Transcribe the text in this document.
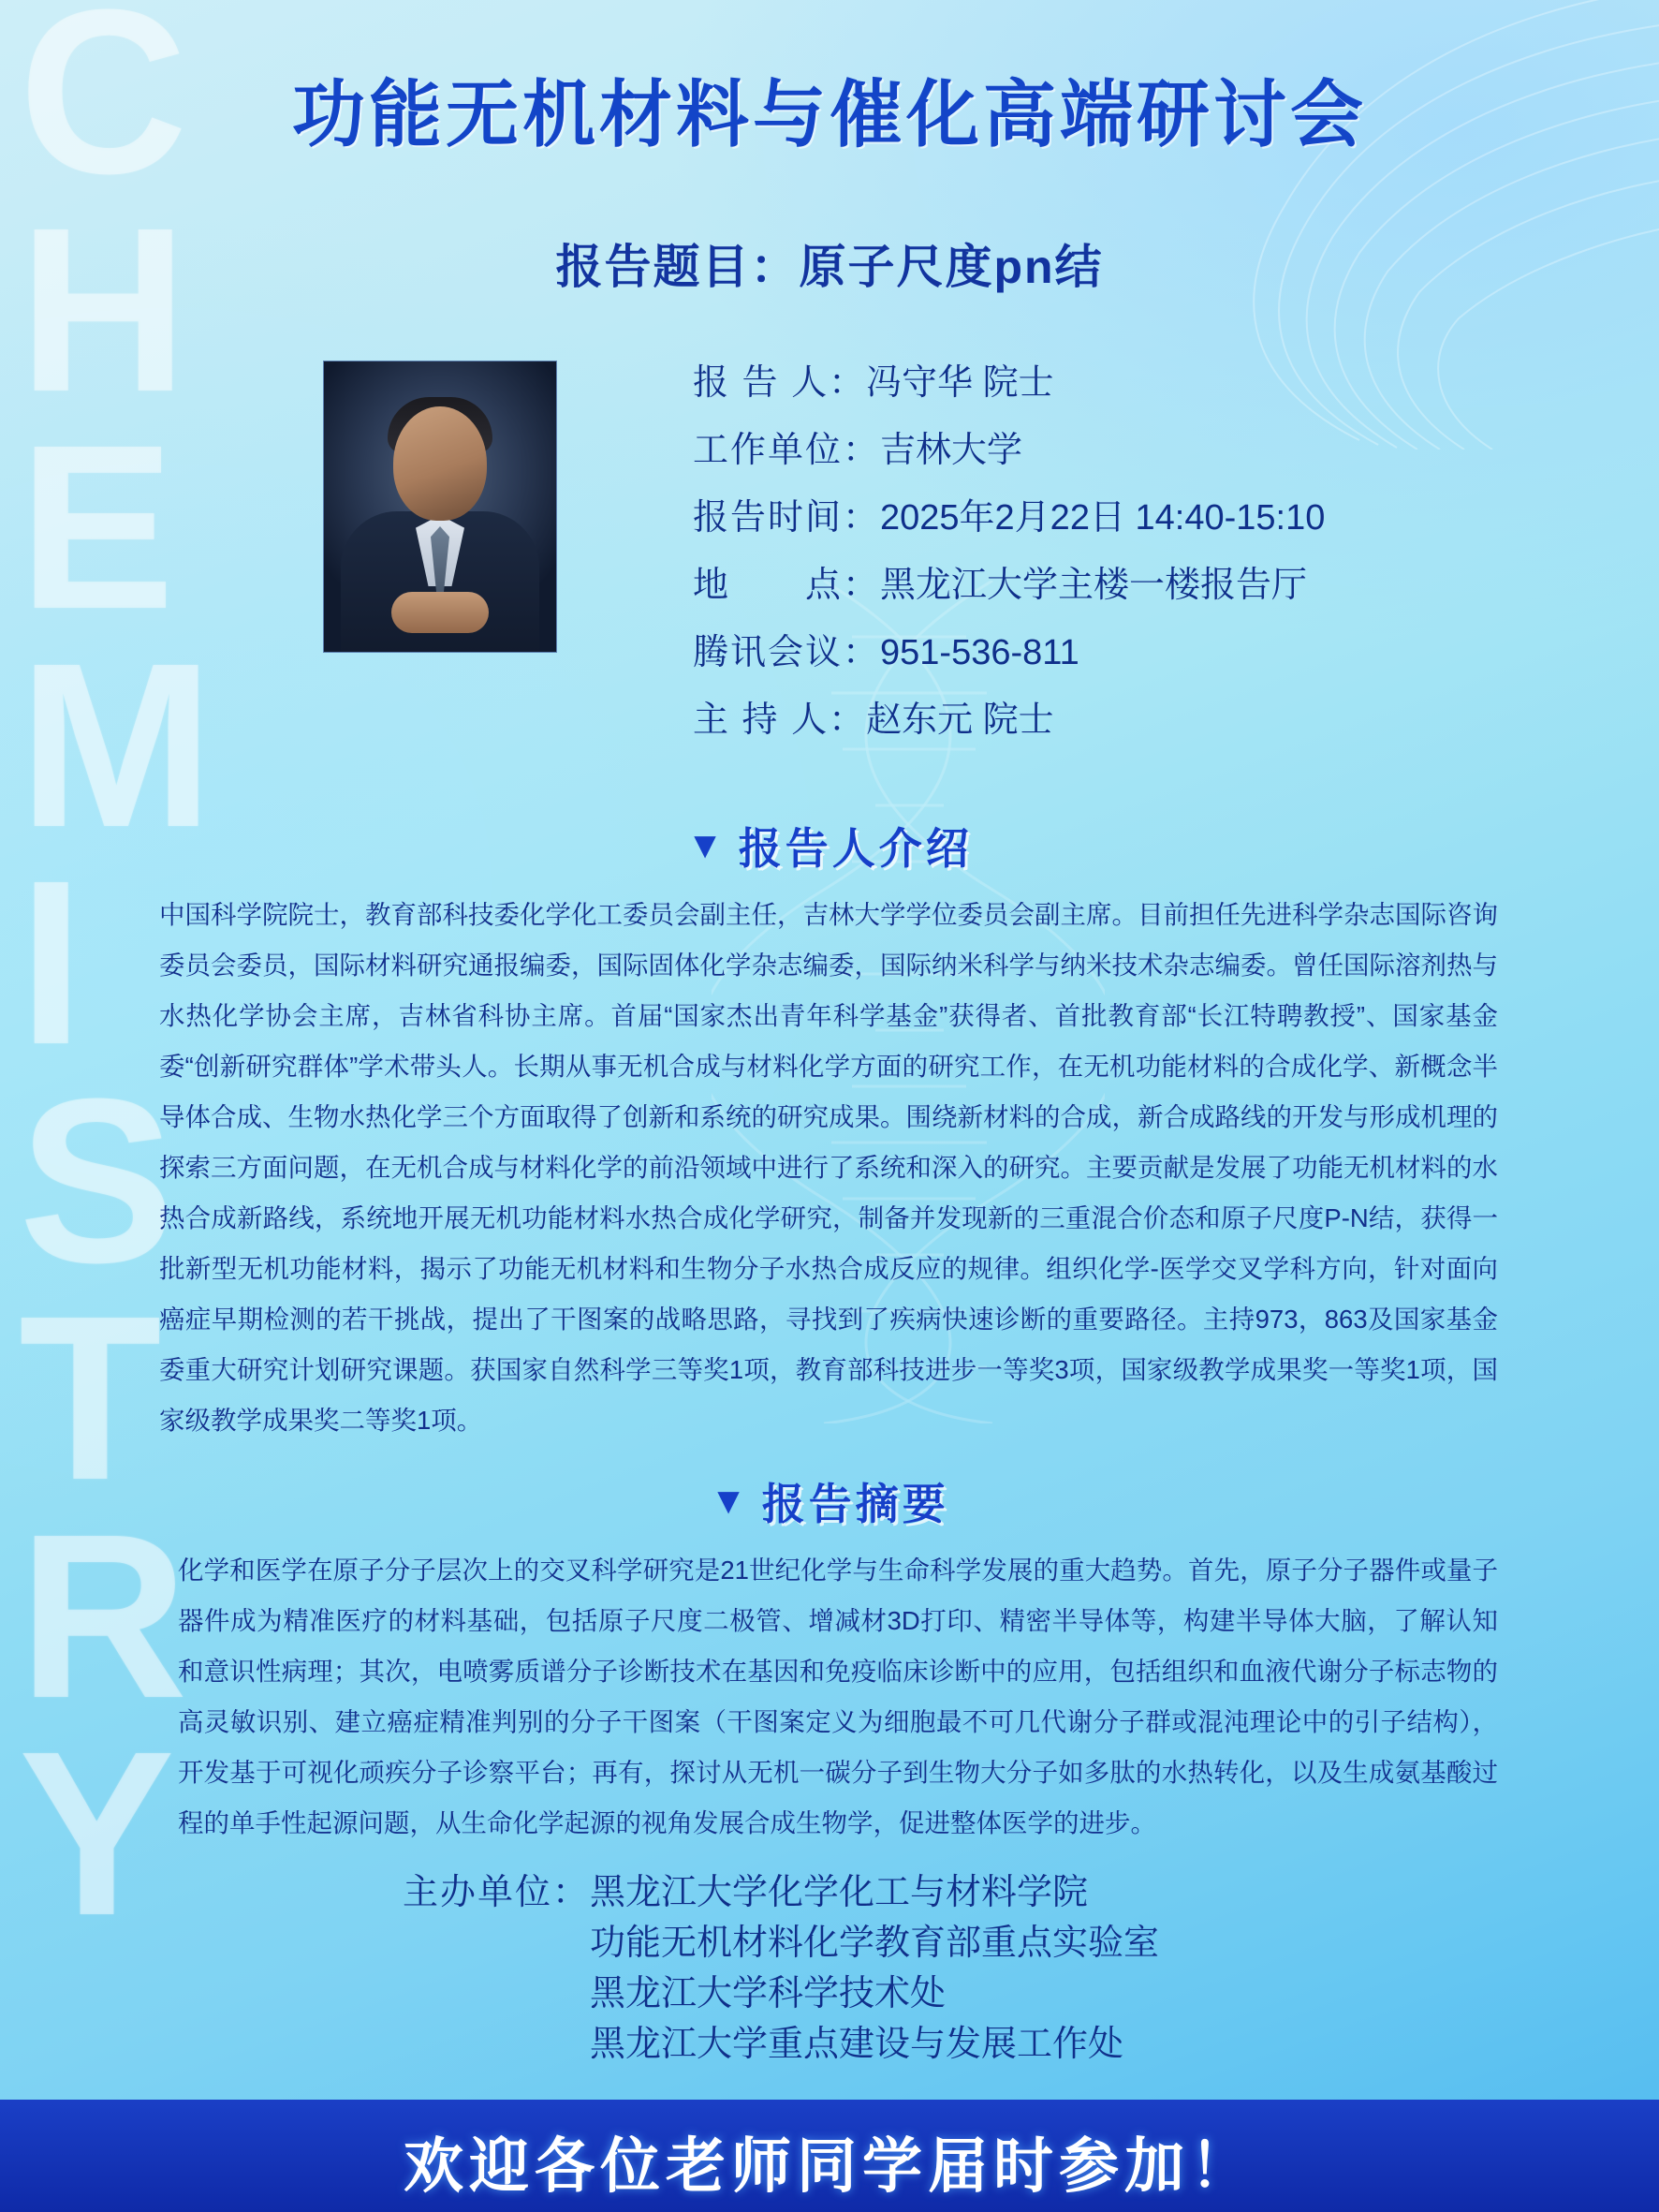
C
H
E
M
I
S
T
R
Y
功能无机材料与催化高端研讨会
报告题目：原子尺度pn结
报 告 人：冯守华 院士
工作单位：吉林大学
报告时间：2025年2月22日 14:40-15:10
地　　点：黑龙江大学主楼一楼报告厅
腾讯会议：951-536-811
主 持 人：赵东元 院士
▼ 报告人介绍
中国科学院院士，教育部科技委化学化工委员会副主任，吉林大学学位委员会副主席。目前担任先进科学杂志国际咨询委员会委员，国际材料研究通报编委，国际固体化学杂志编委，国际纳米科学与纳米技术杂志编委。曾任国际溶剂热与水热化学协会主席，吉林省科协主席。首届“国家杰出青年科学基金”获得者、首批教育部“长江特聘教授”、国家基金委“创新研究群体”学术带头人。长期从事无机合成与材料化学方面的研究工作，在无机功能材料的合成化学、新概念半导体合成、生物水热化学三个方面取得了创新和系统的研究成果。围绕新材料的合成，新合成路线的开发与形成机理的探索三方面问题，在无机合成与材料化学的前沿领域中进行了系统和深入的研究。主要贡献是发展了功能无机材料的水热合成新路线，系统地开展无机功能材料水热合成化学研究，制备并发现新的三重混合价态和原子尺度P-N结，获得一批新型无机功能材料，揭示了功能无机材料和生物分子水热合成反应的规律。组织化学-医学交叉学科方向，针对面向癌症早期检测的若干挑战，提出了干图案的战略思路，寻找到了疾病快速诊断的重要路径。主持973，863及国家基金委重大研究计划研究课题。获国家自然科学三等奖1项，教育部科技进步一等奖3项，国家级教学成果奖一等奖1项，国家级教学成果奖二等奖1项。
▼ 报告摘要
化学和医学在原子分子层次上的交叉科学研究是21世纪化学与生命科学发展的重大趋势。首先，原子分子器件或量子器件成为精准医疗的材料基础，包括原子尺度二极管、增减材3D打印、精密半导体等，构建半导体大脑，了解认知和意识性病理；其次，电喷雾质谱分子诊断技术在基因和免疫临床诊断中的应用，包括组织和血液代谢分子标志物的高灵敏识别、建立癌症精准判别的分子干图案（干图案定义为细胞最不可几代谢分子群或混沌理论中的引子结构），开发基于可视化顽疾分子诊察平台；再有，探讨从无机一碳分子到生物大分子如多肽的水热转化，以及生成氨基酸过程的单手性起源问题，从生命化学起源的视角发展合成生物学，促进整体医学的进步。
主办单位：黑龙江大学化学化工与材料学院
功能无机材料化学教育部重点实验室
黑龙江大学科学技术处
黑龙江大学重点建设与发展工作处
欢迎各位老师同学届时参加！
